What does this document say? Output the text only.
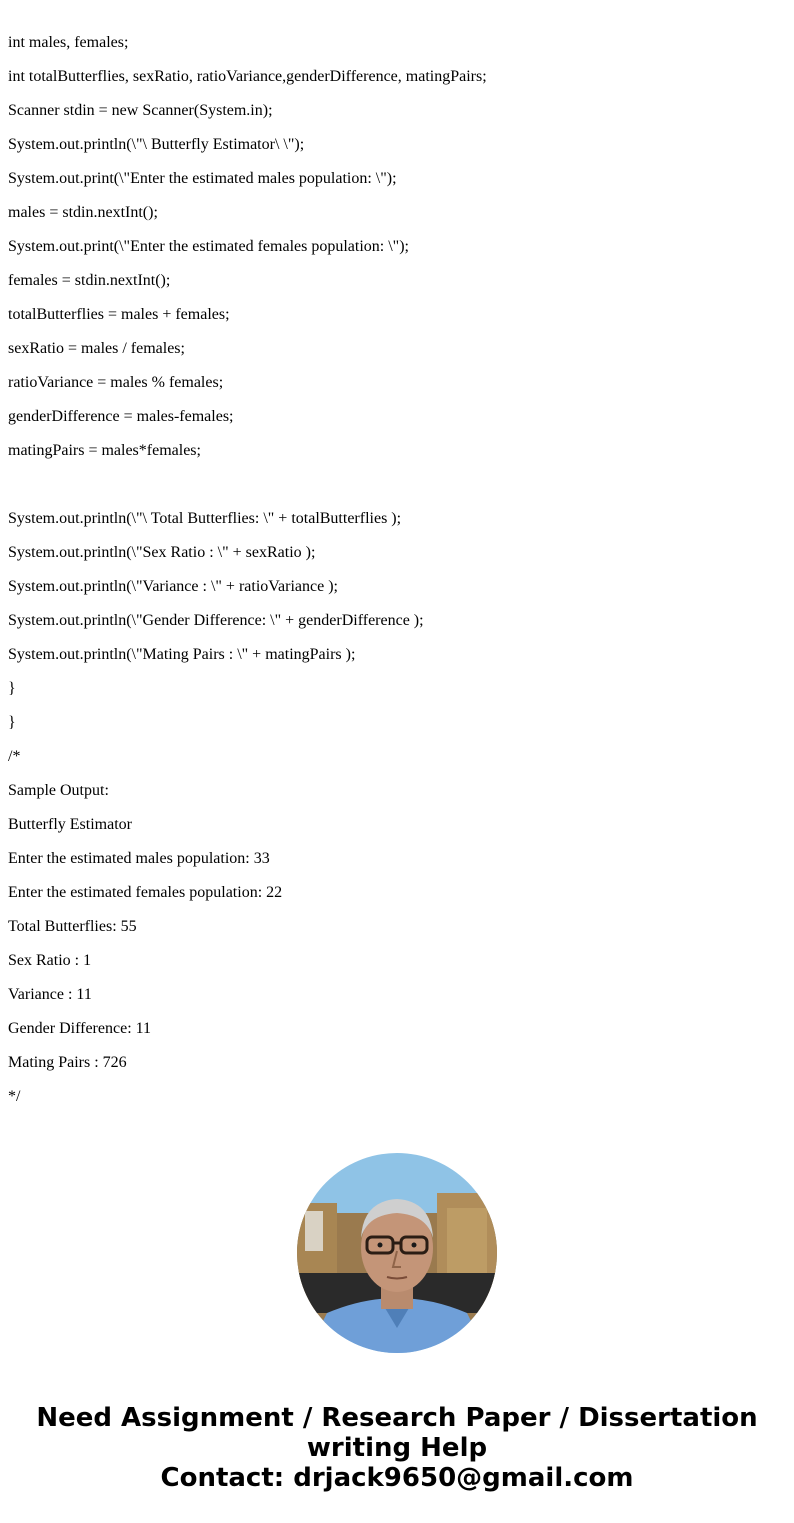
int males, females;
int totalButterflies, sexRatio, ratioVariance,genderDifference, matingPairs;
Scanner stdin = new Scanner(System.in);
System.out.println(\"\ Butterfly Estimator\ \");
System.out.print(\"Enter the estimated males population: \");
males = stdin.nextInt();
System.out.print(\"Enter the estimated females population: \");
females = stdin.nextInt();
totalButterflies = males + females;
sexRatio = males / females;
ratioVariance = males % females;
genderDifference = males-females;
matingPairs = males*females;
System.out.println(\"\ Total Butterflies: \" + totalButterflies );
System.out.println(\"Sex Ratio : \" + sexRatio );
System.out.println(\"Variance : \" + ratioVariance );
System.out.println(\"Gender Difference: \" + genderDifference );
System.out.println(\"Mating Pairs : \" + matingPairs );
}
}
/*
Sample Output:
Butterfly Estimator
Enter the estimated males population: 33
Enter the estimated females population: 22
Total Butterflies: 55
Sex Ratio : 1
Variance : 11
Gender Difference: 11
Mating Pairs : 726
*/
Need Assignment / Research Paper / Dissertation
writing Help
Contact: drjack9650@gmail.com
